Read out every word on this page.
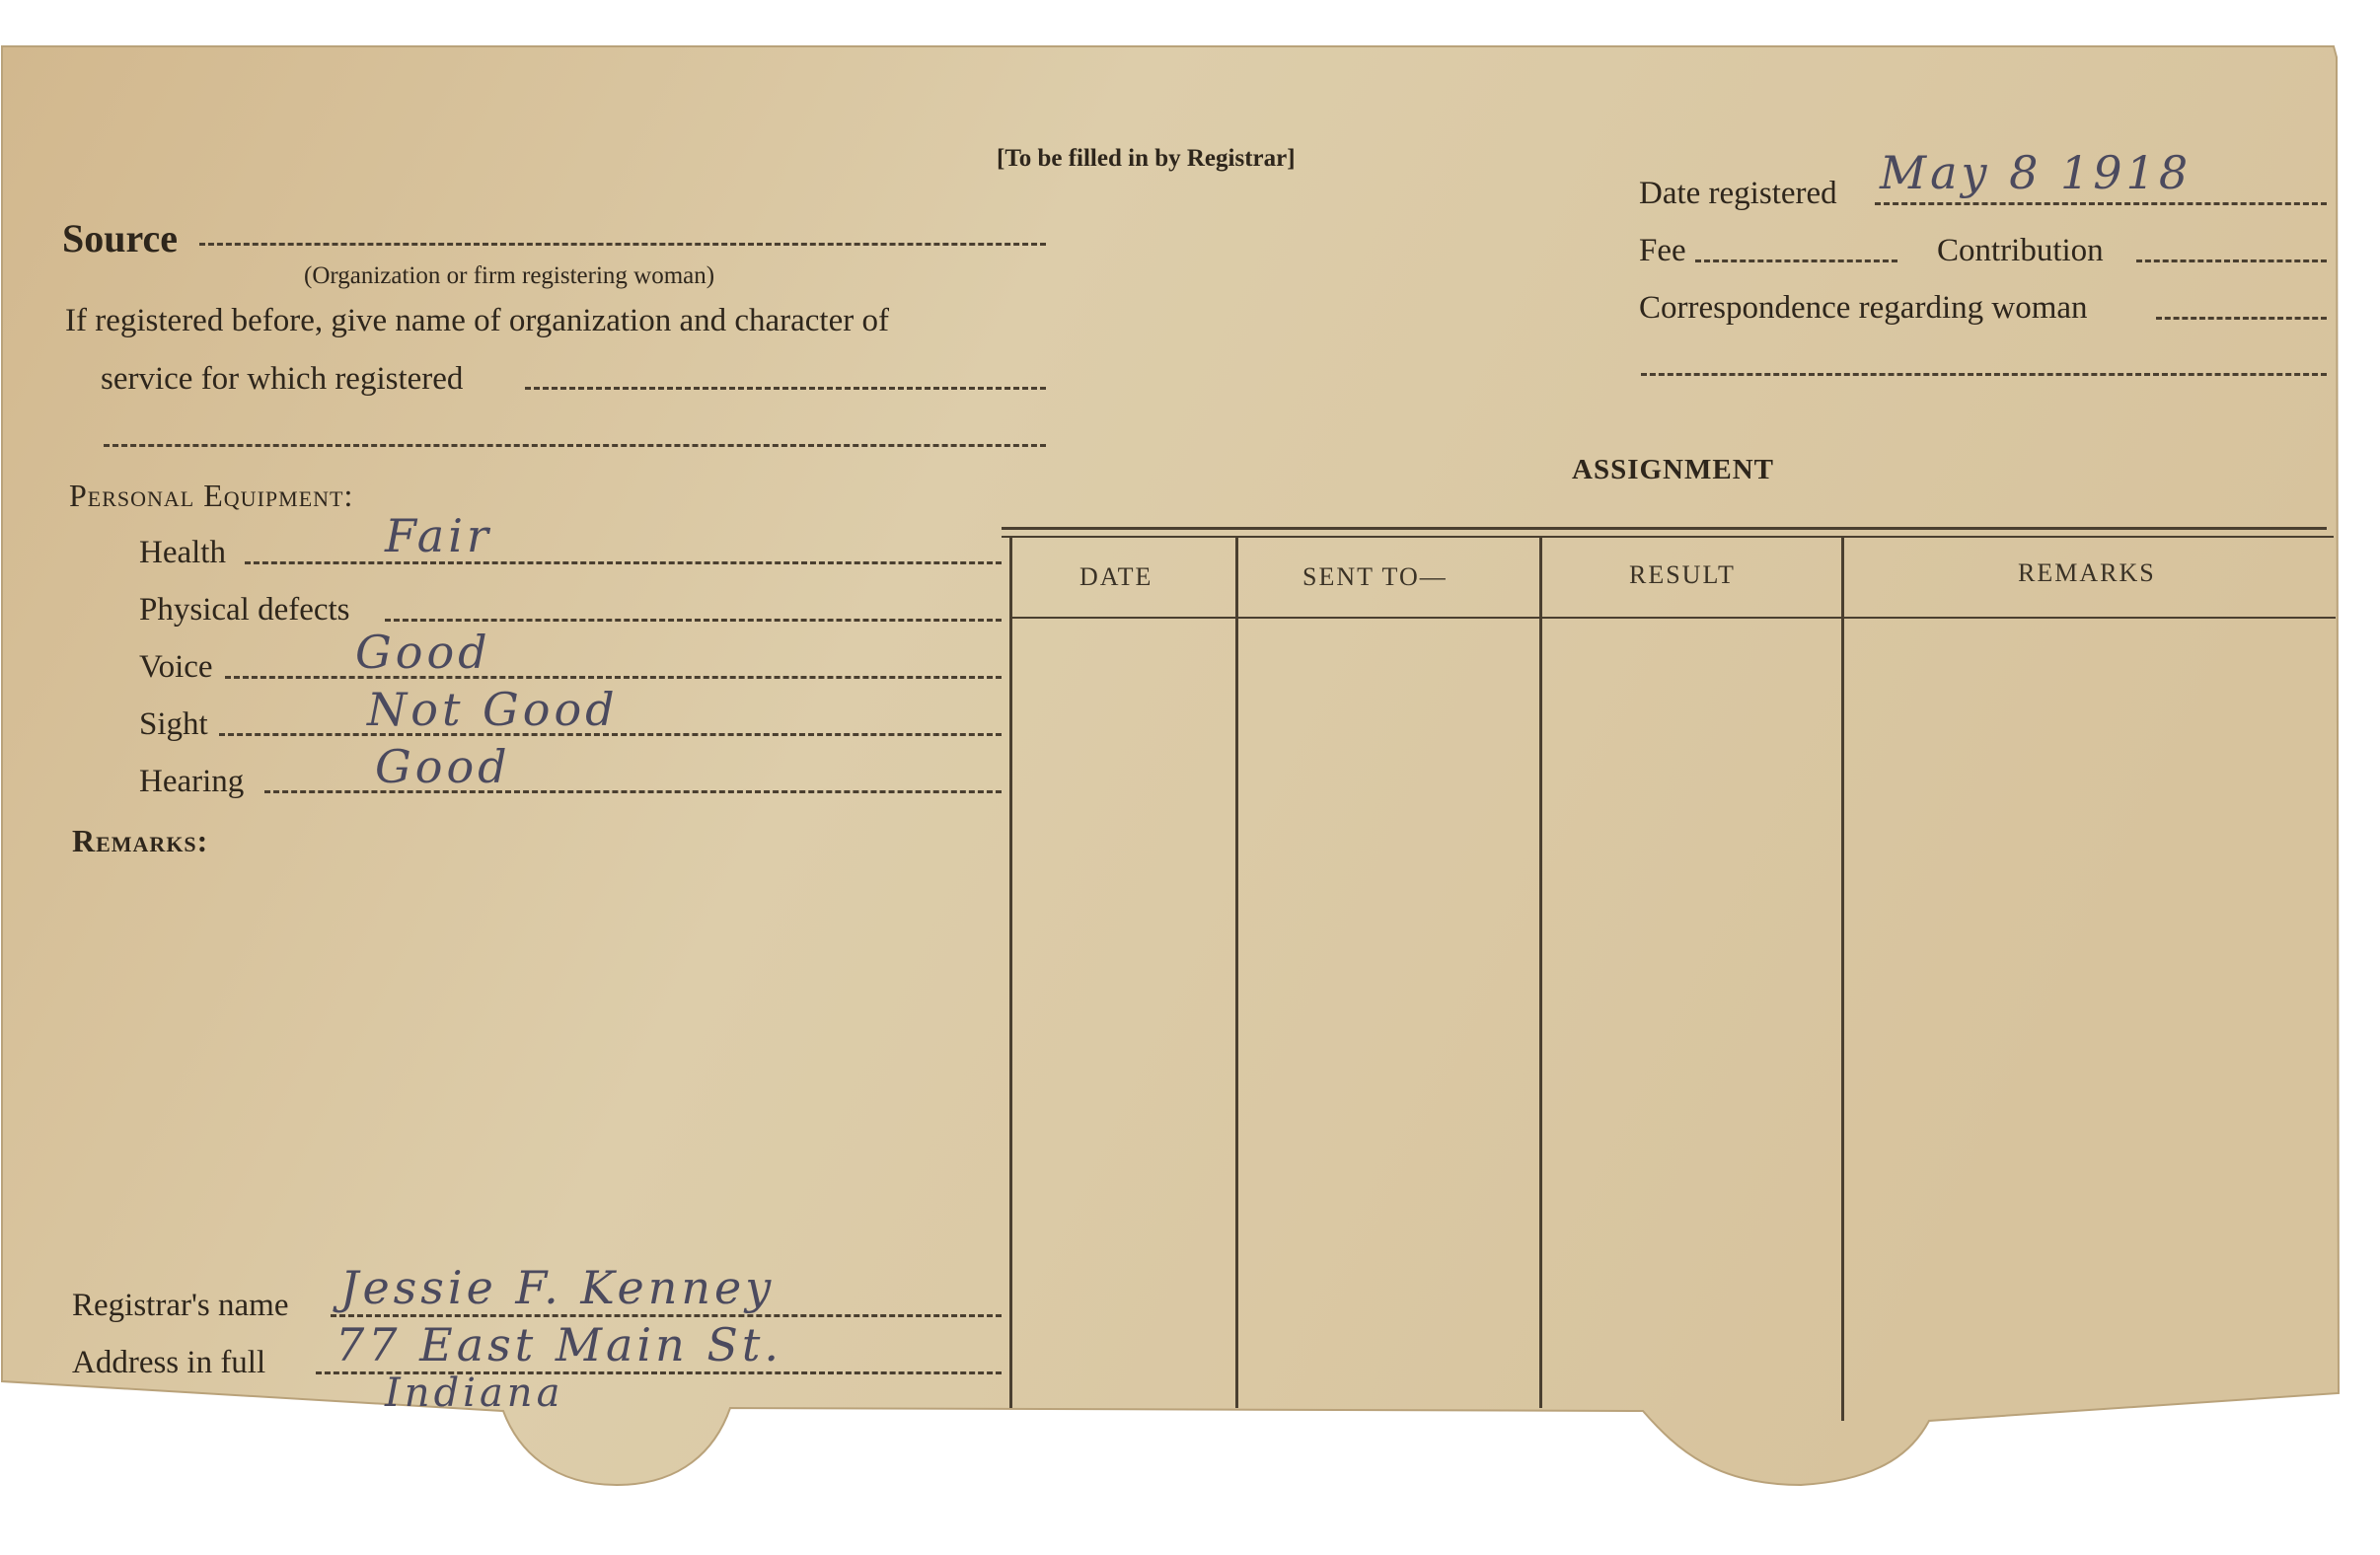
[To be filled in by Registrar]
Source
(Organization or firm registering woman)
If registered before, give name of organization and character of
service for which registered
Personal Equipment:
Health	Fair
Physical defects
Voice	Good
Sight	Not Good
Hearing	Good
Remarks:
Registrar's name Jessie F. Kenney
Address in full 77 East Main St.
Indiana
Date registered May 8 1918
Fee	Contribution
Correspondence regarding woman
ASSIGNMENT
DATE	SENT TO—	RESULT	REMARKS
